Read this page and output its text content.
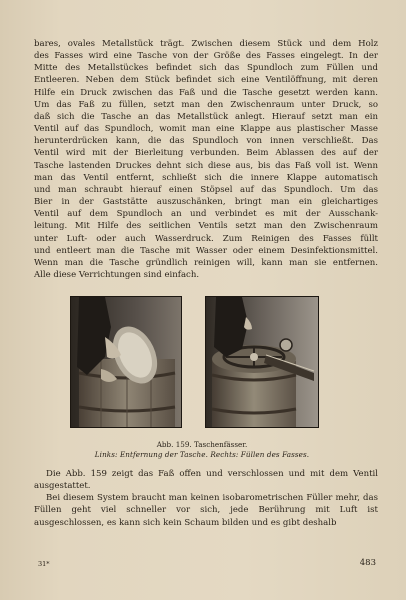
bares, ovales Metallstück trägt. Zwischen diesem Stück und dem Holz

des Fasses wird eine Tasche von der Größe des Fasses eingelegt. In der

Mitte des Metallstückes befindet sich das Spundloch zum Füllen und

Entleeren. Neben dem Stück befindet sich eine Ventilöffnung, mit deren

Hilfe ein Druck zwischen das Faß und die Tasche gesetzt werden kann.

Um das Faß zu füllen, setzt man den Zwischenraum unter Druck, so

daß sich die Tasche an das Metallstück anlegt. Hierauf setzt man ein

Ventil auf das Spundloch, womit man eine Klappe aus plastischer Masse

herunterdrücken kann, die das Spundloch von innen verschließt. Das

Ventil wird mit der Bierleitung verbunden. Beim Ablassen des auf der

Tasche lastenden Druckes dehnt sich diese aus, bis das Faß voll ist. Wenn

man das Ventil entfernt, schließt sich die innere Klappe automatisch

und man schraubt hierauf einen Stöpsel auf das Spundloch. Um das

Bier in der Gaststätte auszuschänken, bringt man ein gleichartiges

Ventil auf dem Spundloch an und verbindet es mit der Ausschank-

leitung. Mit Hilfe des seitlichen Ventils setzt man den Zwischenraum

unter Luft- oder auch Wasserdruck. Zum Reinigen des Fasses füllt

und entleert man die Tasche mit Wasser oder einem Desinfektionsmittel.

Wenn man die Tasche gründlich reinigen will, kann man sie entfernen.

Alle diese Verrichtungen sind einfach.

Abb. 159. Taschenfässer.
Links: Entfernung der Tasche. Rechts: Füllen des Fasses.

Die Abb. 159 zeigt das Faß offen und verschlossen und mit dem Ventil ausgestattet.

Bei diesem System braucht man keinen isobarometrischen Füller mehr, das Füllen geht viel schneller vor sich, jede Berührung mit Luft ist ausgeschlossen, es kann sich kein Schaum bilden und es gibt deshalb

31*	483
